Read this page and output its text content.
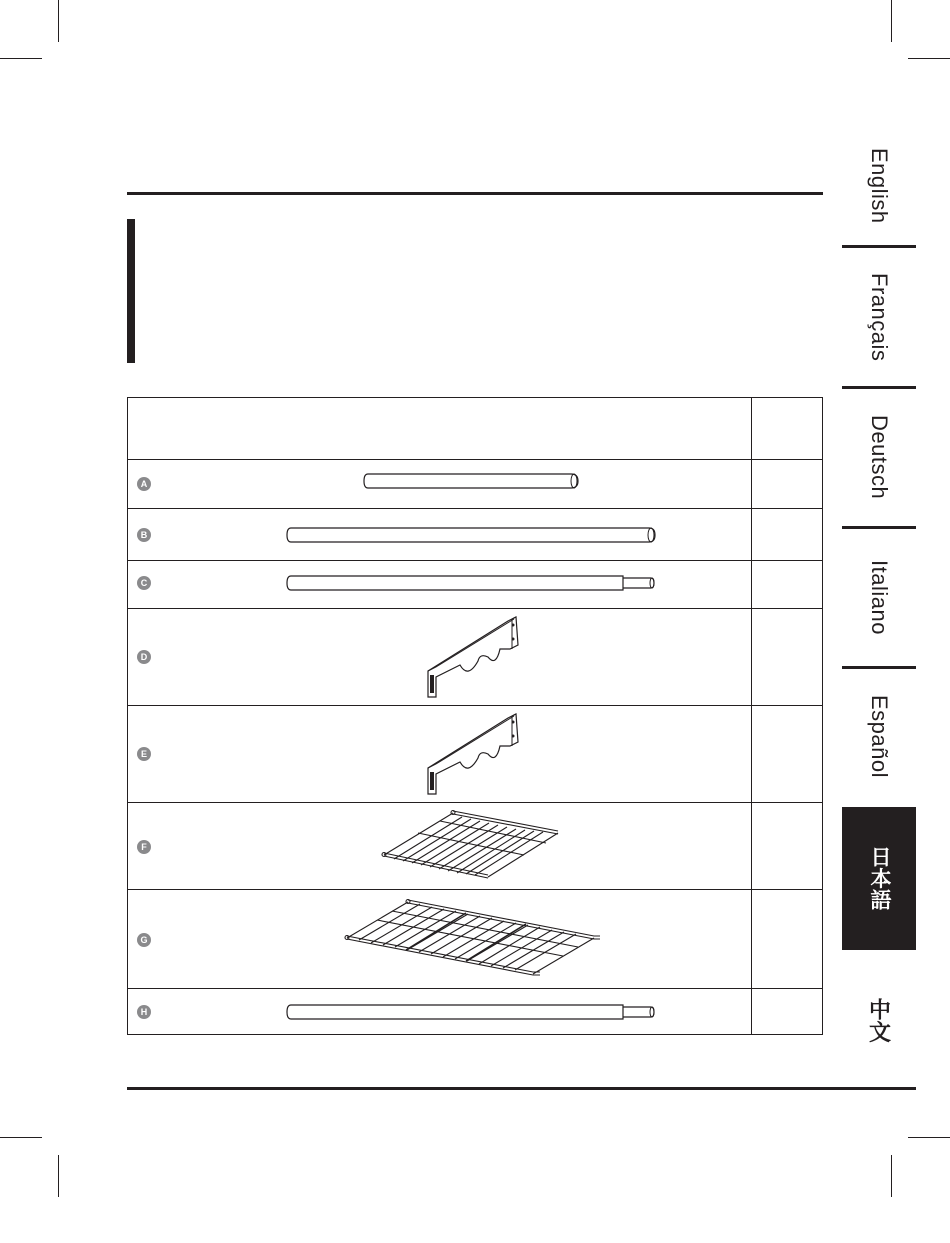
A
B
C
D
E
F
G
H
English
Français
Deutsch
Italiano
Español
日本語
中文
